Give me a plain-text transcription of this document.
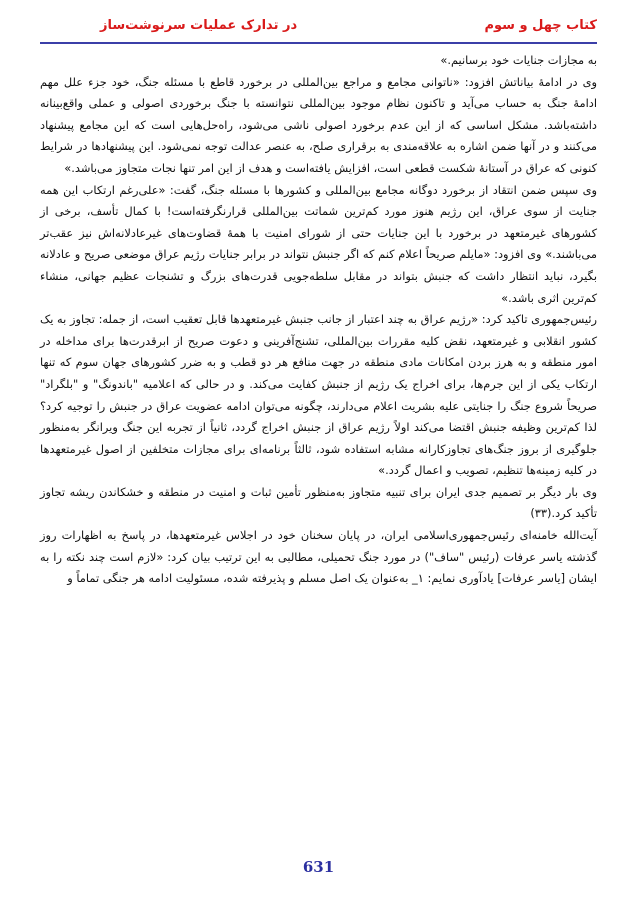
کتاب چهل و سوم
در تدارک عملیات سرنوشت‌ساز

به مجازات جنایات خود برسانیم.»

وی در ادامهٔ بیاناتش افزود: «ناتوانی مجامع و مراجع بین‌المللی در برخورد قاطع با مسئله جنگ، خود جزء علل مهم ادامهٔ جنگ به حساب می‌آید و تاکنون نظام موجود بین‌المللی نتوانسته با جنگ برخوردی اصولی و عملی واقع‌بینانه داشته‌باشد. مشکل اساسی که از این عدم برخورد اصولی ناشی می‌شود، راه‌حل‌هایی است که این مجامع پیشنهاد می‌کنند و در آنها ضمن اشاره به علاقه‌مندی به برقراری صلح، به عنصر عدالت توجه نمی‌شود. این پیشنهادها در شرایط کنونی که عراق در آستانهٔ شکست قطعی است، افزایش یافته‌است و هدف از این امر تنها نجات متجاوز می‌باشد.»

وی سپس ضمن انتقاد از برخورد دوگانه مجامع بین‌المللی و کشورها با مسئله جنگ، گفت: «علی‌رغم ارتکاب این همه جنایت از سوی عراق، این رژیم هنوز مورد کم‌ترین شماتت بین‌المللی قرارنگرفته‌است! با کمال تأسف، برخی از کشورهای غیرمتعهد در برخورد با این جنایات حتی از شورای امنیت با همهٔ قضاوت‌های غیرعادلانه‌اش نیز عقب‌تر می‌باشند.» وی افزود: «مایلم صریحاً اعلام کنم که اگر جنبش نتواند در برابر جنایات رژیم عراق موضعی صریح و عادلانه بگیرد، نباید انتظار داشت که جنبش بتواند در مقابل سلطه‌جویی قدرت‌های بزرگ و تشنجات عظیم جهانی، منشاء کم‌ترین اثری باشد.»

رئیس‌جمهوری تاکید کرد: «رژیم عراق به چند اعتبار از جانب جنبش غیرمتعهدها قابل تعقیب است، از جمله: تجاوز به یک کشور انقلابی و غیرمتعهد، نقض کلیه مقررات بین‌المللی، تشنج‌آفرینی و دعوت صریح از ابرقدرت‌ها برای مداخله در امور منطقه و به هرز بردن امکانات مادی منطقه در جهت منافع هر دو قطب و به ضرر کشورهای جهان سوم که تنها ارتکاب یکی از این جرم‌ها، برای اخراج یک رژیم از جنبش کفایت می‌کند. و در حالی که اعلامیه "باندونگ" و "بلگراد" صریحاً شروع جنگ را جنایتی علیه بشریت اعلام می‌دارند، چگونه می‌توان ادامه عضویت عراق در جنبش را توجیه کرد؟ لذا کم‌ترین وظیفه جنبش اقتضا می‌کند اولاً رژیم عراق از جنبش اخراج گردد، ثانیاً از تجربه این جنگ ویرانگر به‌منظور جلوگیری از بروز جنگ‌های تجاوزکارانه مشابه استفاده شود، ثالثاً برنامه‌ای برای مجازات متخلفین از اصول غیرمتعهدها در کلیه زمینه‌ها تنظیم، تصویب و اعمال گردد.»

وی بار دیگر بر تصمیم جدی ایران برای تنبیه متجاوز به‌منظور تأمین ثبات و امنیت در منطقه و خشکاندن ریشه تجاوز تأکید کرد.(۳۳)

آیت‌الله خامنه‌ای رئیس‌جمهوری‌اسلامی ایران، در پایان سخنان خود در اجلاس غیرمتعهدها، در پاسخ به اظهارات روز گذشته یاسر عرفات (رئیس "ساف") در مورد جنگ تحمیلی، مطالبی به این ترتیب بیان کرد: «لازم است چند نکته را به ایشان [یاسر عرفات] یادآوری نمایم: ۱_ به‌عنوان یک اصل مسلم و پذیرفته شده، مسئولیت ادامه هر جنگی تماماً و

631
